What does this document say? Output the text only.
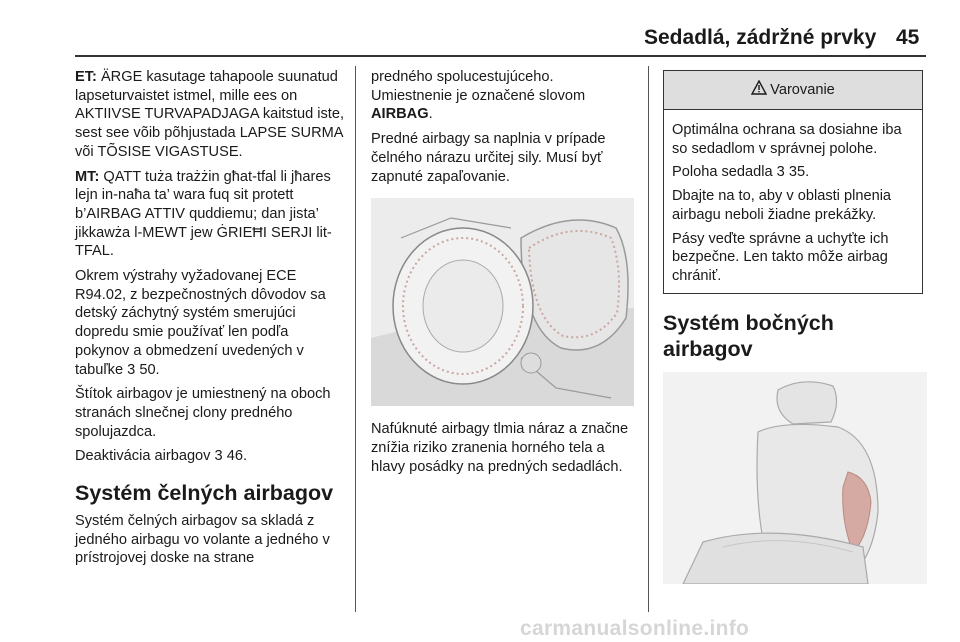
Sedadlá, zádržné prvky 45

ET: ÄRGE kasutage tahapoole suunatud lapseturvaistet istmel, mille ees on AKTIIVSE TURVAPADJAGA kaitstud iste, sest see võib põhjustada LAPSE SURMA või TÕSISE VIGASTUSE.

MT: QATT tuża trażżin għat-tfal li jħares lejn in-naħa ta’ wara fuq sit protett b’AIRBAG ATTIV quddiemu; dan jista’ jikkawża l-MEWT jew ĠRIEĦI SERJI lit-TFAL.

Okrem výstrahy vyžadovanej ECE R94.02, z bezpečnostných dôvodov sa detský záchytný systém smerujúci dopredu smie používať len podľa pokynov a obmedzení uvedených v tabuľke 3 50.

Štítok airbagov je umiestnený na oboch stranách slnečnej clony predného spolujazdca.

Deaktivácia airbagov 3 46.

Systém čelných airbagov

Systém čelných airbagov sa skladá z jedného airbagu vo volante a jedného v prístrojovej doske na strane

predného spolucestujúceho. Umiestnenie je označené slovom AIRBAG.

Predné airbagy sa naplnia v prípade čelného nárazu určitej sily. Musí byť zapnuté zapaľovanie.

Nafúknuté airbagy tlmia náraz a značne znížia riziko zranenia horného tela a hlavy posádky na predných sedadlách.

Varovanie

Optimálna ochrana sa dosiahne iba so sedadlom v správnej polohe.

Poloha sedadla 3 35.

Dbajte na to, aby v oblasti plnenia airbagu neboli žiadne prekážky.

Pásy veďte správne a uchyťte ich bezpečne. Len takto môže airbag chrániť.

Systém bočných airbagov
carmanualsonline.info
